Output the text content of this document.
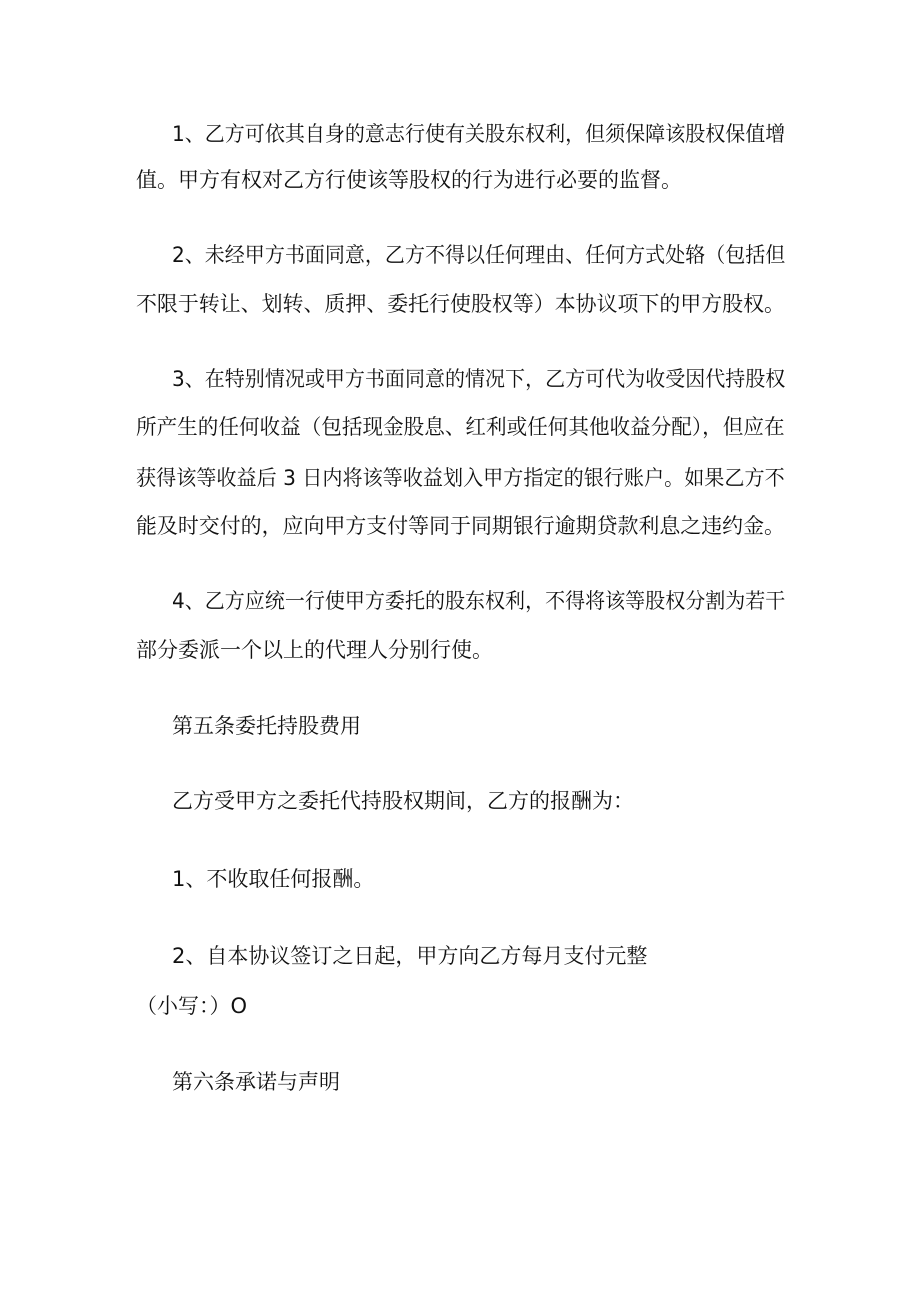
1、乙方可依其自身的意志行使有关股东权利，但须保障该股权保值增
值。甲方有权对乙方行使该等股权的行为进行必要的监督。
2、未经甲方书面同意，乙方不得以任何理由、任何方式处辂（包括但
不限于转让、划转、质押、委托行使股权等）本协议项下的甲方股权。
3、在特别情况或甲方书面同意的情况下，乙方可代为收受因代持股权
所产生的任何收益（包括现金股息、红利或任何其他收益分配），但应在
获得该等收益后 3 日内将该等收益划入甲方指定的银行账户。如果乙方不
能及时交付的，应向甲方支付等同于同期银行逾期贷款利息之违约金。
4、乙方应统一行使甲方委托的股东权利，不得将该等股权分割为若干
部分委派一个以上的代理人分别行使。
第五条委托持股费用
乙方受甲方之委托代持股权期间，乙方的报酬为：
1、不收取任何报酬。
2、自本协议签订之日起，甲方向乙方每月支付元整
（小写：）O
第六条承诺与声明
